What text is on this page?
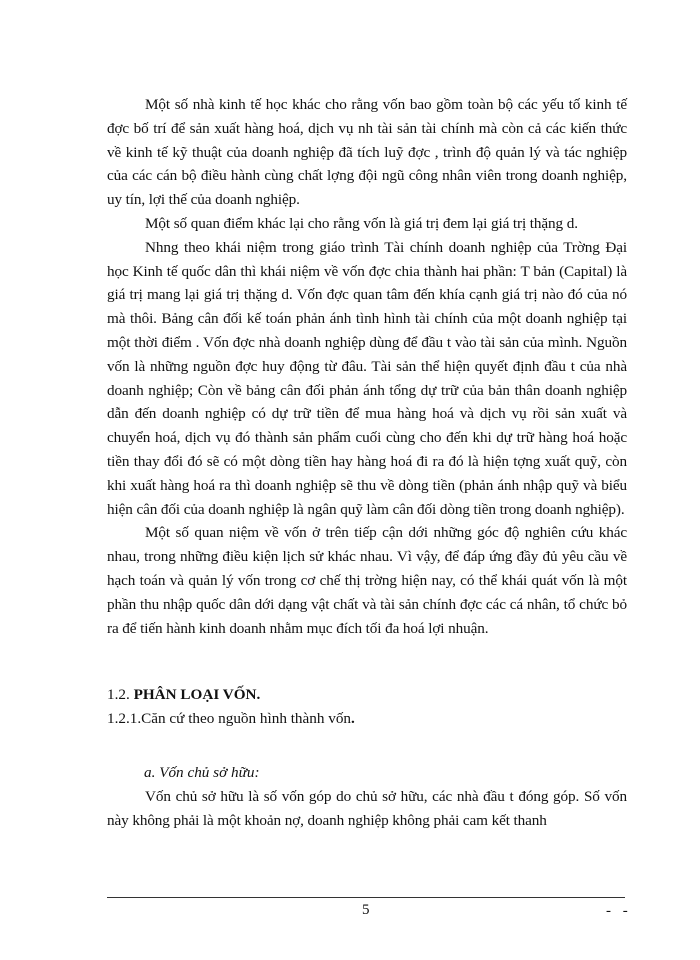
Một số nhà kinh tế học khác cho rằng vốn bao gồm toàn bộ các yếu tố kinh tế đợc bố trí để sản xuất hàng hoá, dịch vụ nh tài sản tài chính mà còn cả các kiến thức về kinh tế kỹ thuật của doanh nghiệp đã tích luỹ đợc , trình độ quản lý và tác nghiệp của các cán bộ điều hành cùng chất lợng đội ngũ công nhân viên trong doanh nghiệp, uy tín, lợi thế của doanh nghiệp.

Một số quan điểm khác lại cho rằng vốn là giá trị đem lại giá trị thặng d.

Nhng theo khái niệm trong giáo trình Tài chính doanh nghiệp của Trờng Đại học Kinh tế quốc dân thì khái niệm về vốn đợc chia thành hai phần: T bản (Capital) là giá trị mang lại giá trị thặng d. Vốn đợc quan tâm đến khía cạnh giá trị nào đó của nó mà thôi. Bảng cân đối kế toán phản ánh tình hình tài chính của một doanh nghiệp tại một thời điểm . Vốn đợc nhà doanh nghiệp dùng để đầu t vào tài sản của mình. Nguồn vốn là những nguồn đợc huy động từ đâu. Tài sản thể hiện quyết định đầu t của nhà doanh nghiệp; Còn về bảng cân đối phản ánh tổng dự trữ của bản thân doanh nghiệp dẫn đến doanh nghiệp có dự trữ tiền để mua hàng hoá và dịch vụ rồi sản xuất và chuyển hoá, dịch vụ đó thành sản phẩm cuối cùng cho đến khi dự trữ hàng hoá hoặc tiền thay đổi đó sẽ có một dòng tiền hay hàng hoá đi ra đó là hiện tợng xuất quỹ, còn khi xuất hàng hoá ra thì doanh nghiệp sẽ thu về dòng tiền (phản ánh nhập quỹ và biểu hiện cân đối của doanh nghiệp là ngân quỹ làm cân đối dòng tiền trong doanh nghiệp).

Một số quan niệm về vốn ở trên tiếp cận dới những góc độ nghiên cứu khác nhau, trong những điều kiện lịch sử khác nhau. Vì vậy, để đáp ứng đầy đủ yêu cầu về hạch toán và quản lý vốn trong cơ chế thị trờng hiện nay, có thể khái quát vốn là một phần thu nhập quốc dân dới dạng vật chất và tài sản chính đợc các cá nhân, tổ chức bỏ ra để tiến hành kinh doanh nhằm mục đích tối đa hoá lợi nhuận.

1.2. PHÂN LOẠI VỐN.
1.2.1.Căn cứ theo nguồn hình thành vốn.
a. Vốn chủ sở hữu:

Vốn chủ sở hữu là số vốn góp do chủ sở hữu, các nhà đầu t đóng góp. Số vốn này không phải là một khoản nợ, doanh nghiệp không phải cam kết thanh

5	- -
